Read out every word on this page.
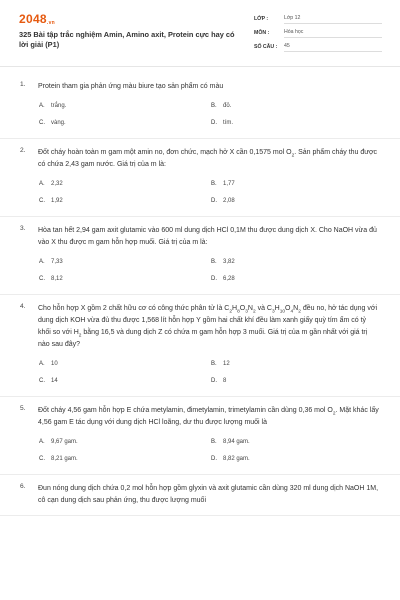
2048.vn
325 Bài tập trắc nghiệm Amin, Amino axit, Protein cực hay có lời giải (P1)
LỚP :	Lớp 12
MÔN :	Hóa học
SỐ CÂU : 45
1. Protein tham gia phản ứng màu biure tạo sản phẩm có màu
A. trắng.	B. đỏ.
C. vàng.	D. tím.
2. Đốt cháy hoàn toàn m gam một amin no, đơn chức, mạch hở X cần 0,1575 mol $O_2$. Sản phẩm cháy thu được có chứa 2,43 gam nước. Giá trị của m là:
A. 2,32	B. 1,77
C. 1,92	D. 2,08
3. Hòa tan hết 2,94 gam axit glutamic vào 600 ml dung dịch HCl 0,1M thu được dung dịch X. Cho NaOH vừa đủ vào X thu được m gam hỗn hợp muối. Giá trị của m là:
A. 7,33	B. 3,82
C. 8,12	D. 6,28
4. Cho hỗn hợp X gồm 2 chất hữu cơ có công thức phân tử là $C_2H_8O_3N_2$ và $C_3H_{10}O_4N_2$ đều no, hở tác dụng với dung dịch KOH vừa đủ thu được 1,568 lít hỗn hợp Y gồm hai chất khí đều làm xanh giấy quỳ tím ẩm có tỷ khối so với $H_2$ bằng 16,5 và dung dịch Z có chứa m gam hỗn hợp 3 muối. Giá trị của m gần nhất với giá trị nào sau đây?
A. 10	B. 12
C. 14	D. 8
5. Đốt cháy 4,56 gam hỗn hợp E chứa metylamin, đimetylamin, trimetylamin cần dùng 0,36 mol $O_2$. Mặt khác lấy 4,56 gam E tác dụng với dung dịch HCl loãng, dư thu được lượng muối là
A. 9,67 gam.	B. 8,94 gam.
C. 8,21 gam.	D. 8,82 gam.
6. Đun nóng dung dịch chứa 0,2 mol hỗn hợp gồm glyxin và axit glutamic cần dùng 320 ml dung dịch NaOH 1M, cô cạn dung dịch sau phản ứng, thu được lượng muối
